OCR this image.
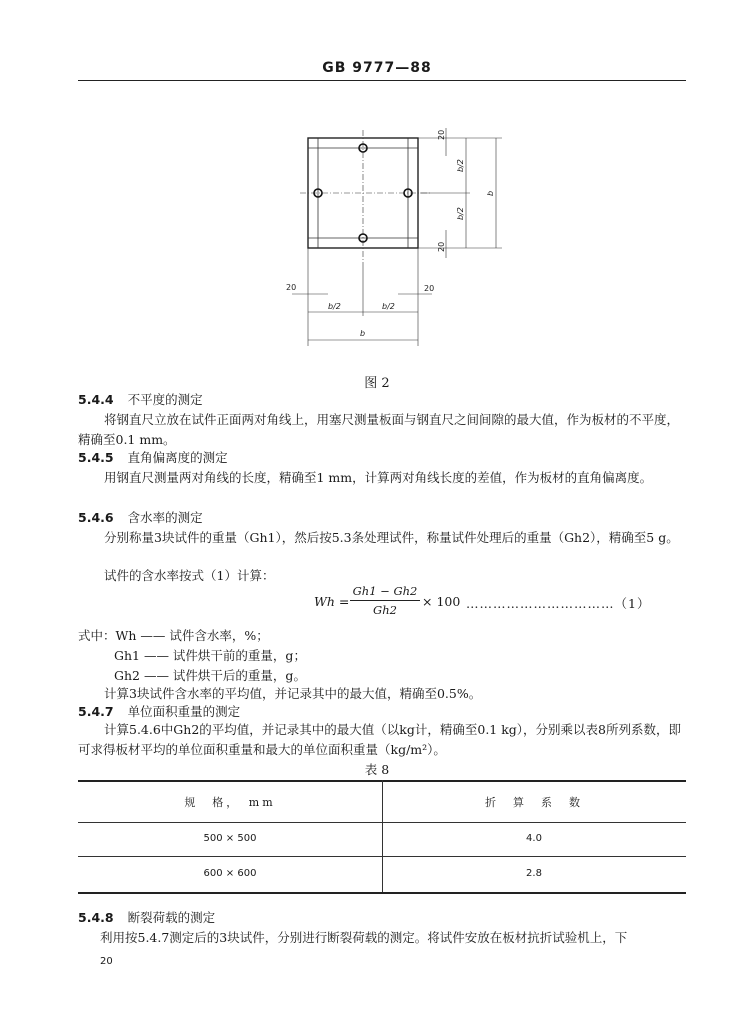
GB 9777—88
20
b/2
b/2
b
20
20	20
b/2	b/2
b
图 2
5.4.4 不平度的测定
将钢直尺立放在试件正面两对角线上，用塞尺测量板面与钢直尺之间间隙的最大值，作为板材的不平度，精确至0.1 mm。
5.4.5 直角偏离度的测定
用钢直尺测量两对角线的长度，精确至1 mm，计算两对角线长度的差值，作为板材的直角偏离度。
5.4.6 含水率的测定
分别称量3块试件的重量（Gh1），然后按5.3条处理试件，称量试件处理后的重量（Gh2），精确至5 g。
试件的含水率按式（1）计算：
Wh =
Gh1 − Gh2
Gh2
× 100 ……………………………（1）
式中：Wh —— 试件含水率，%；
Gh1 —— 试件烘干前的重量，g；
Gh2 —— 试件烘干后的重量，g。
计算3块试件含水率的平均值，并记录其中的最大值，精确至0.5%。
5.4.7 单位面积重量的测定
计算5.4.6中Gh2的平均值，并记录其中的最大值（以kg计，精确至0.1 kg），分别乘以表8所列系数，即可求得板材平均的单位面积重量和最大的单位面积重量（kg/m²）。
表 8
规　格，　mm	折　算　系　数
500 × 500	4.0
600 × 600	2.8
5.4.8 断裂荷载的测定
利用按5.4.7测定后的3块试件，分别进行断裂荷载的测定。将试件安放在板材抗折试验机上，下
20
